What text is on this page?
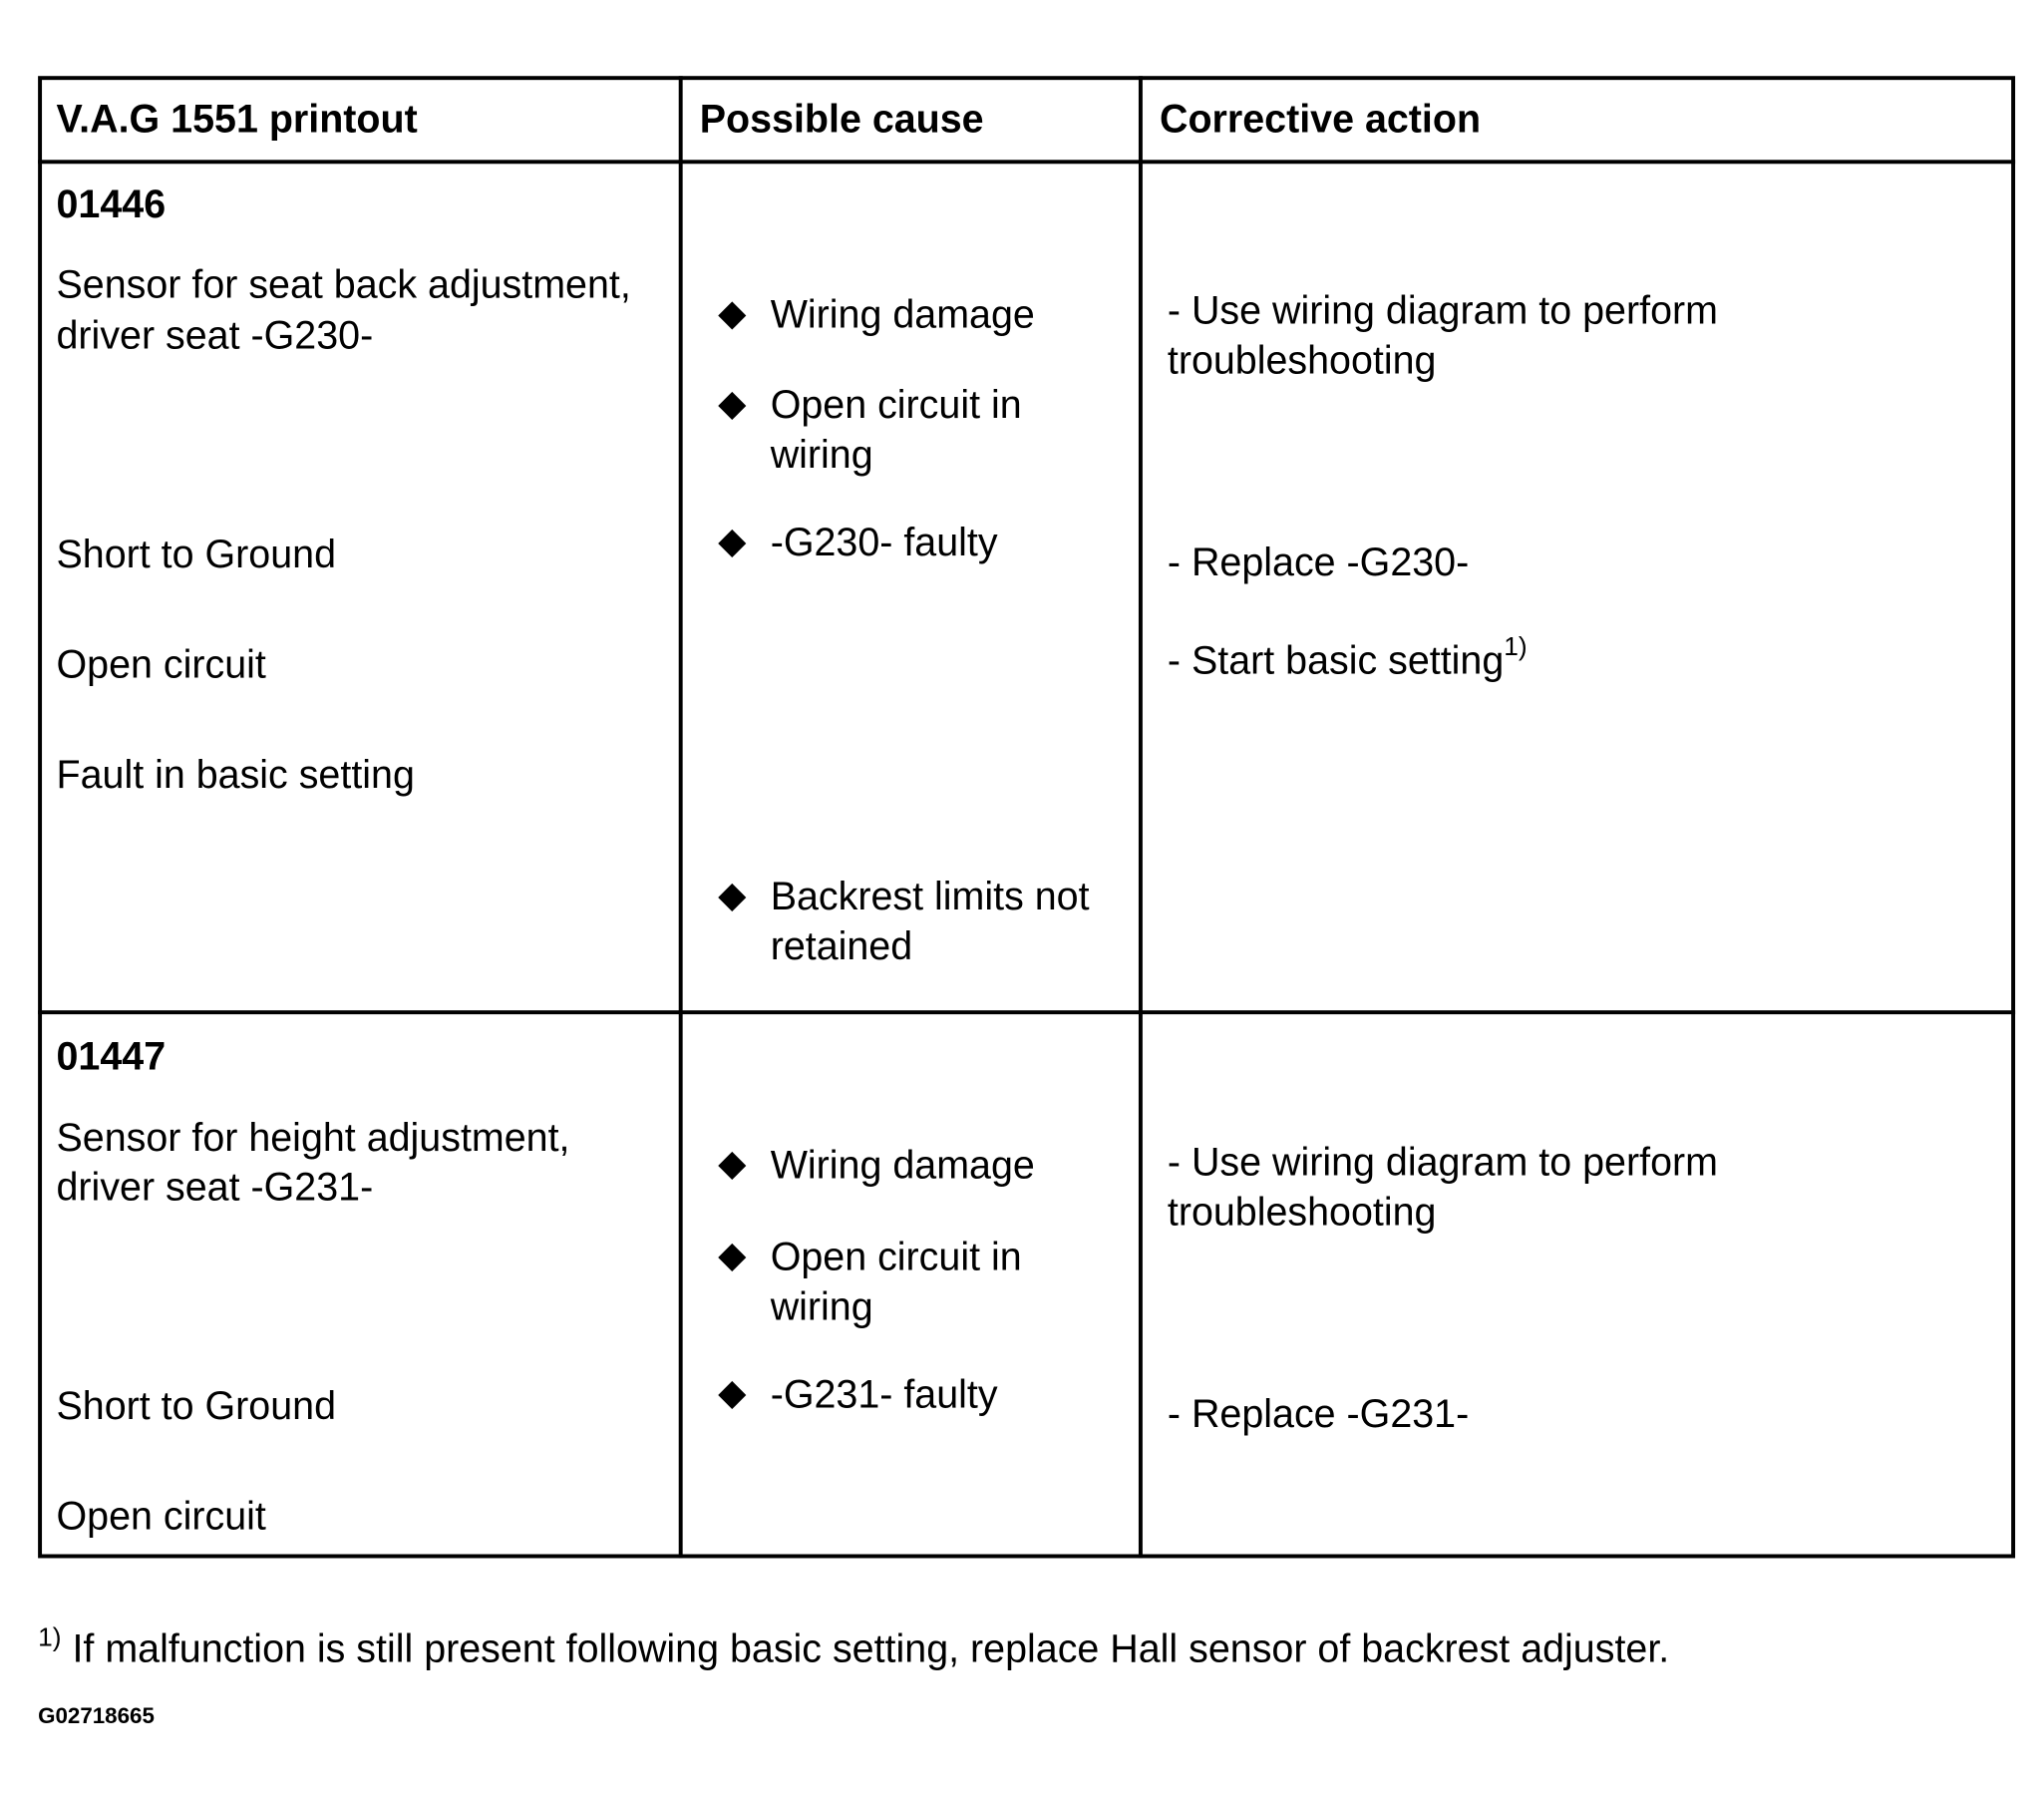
V.A.G 1551 printout	Possible cause	Corrective action
01446
Sensor for seat back adjustment,
driver seat -G230-
Short to Ground
Open circuit
Fault in basic setting
◆ Wiring damage
◆ Open circuit in
wiring
◆ -G230- faulty
◆ Backrest limits not
retained
- Use wiring diagram to perform
troubleshooting
- Replace -G230-
- Start basic setting$^{1)}$
01447
Sensor for height adjustment,
driver seat -G231-
Short to Ground
Open circuit
◆ Wiring damage
◆ Open circuit in
wiring
◆ -G231- faulty
- Use wiring diagram to perform
troubleshooting
- Replace -G231-
$^{1)}$ If malfunction is still present following basic setting, replace Hall sensor of backrest adjuster.
G02718665
